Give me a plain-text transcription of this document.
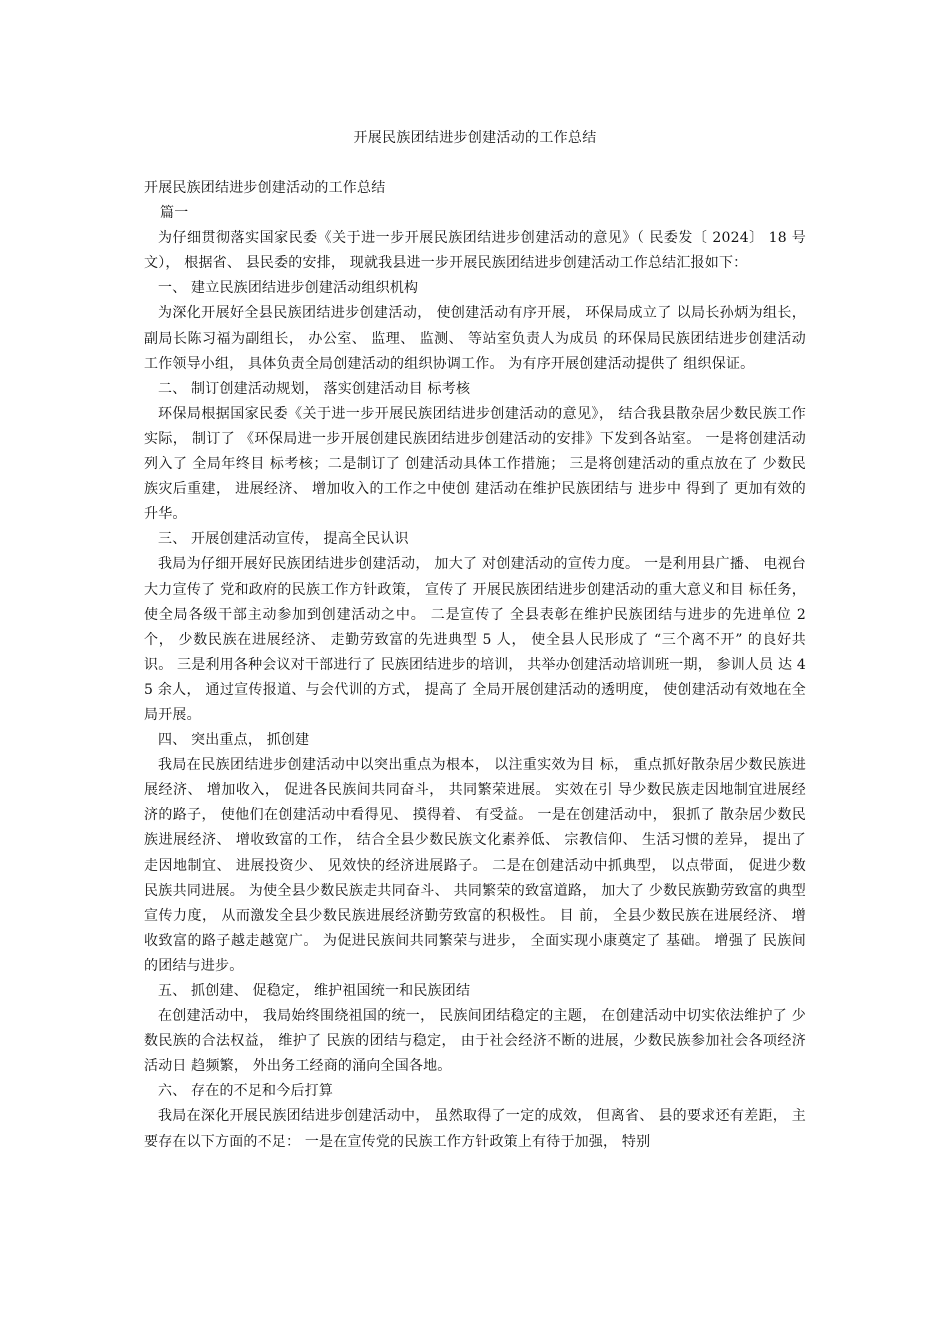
开展民族团结进步创建活动的工作总结

开展民族团结进步创建活动的工作总结

篇一

为仔细贯彻落实国家民委《关于进一步开展民族团结进步创建活动的意见》（ 民委发〔 2024〕 18 号文）， 根据省、 县民委的安排， 现就我县进一步开展民族团结进步创建活动工作总结汇报如下：

一、 建立民族团结进步创建活动组织机构

为深化开展好全县民族团结进步创建活动， 使创建活动有序开展， 环保局成立了 以局长孙炳为组长， 副局长陈习福为副组长， 办公室、 监理、 监测、 等站室负责人为成员 的环保局民族团结进步创建活动工作领导小组， 具体负责全局创建活动的组织协调工作。 为有序开展创建活动提供了 组织保证。

二、 制订创建活动规划， 落实创建活动目 标考核

环保局根据国家民委《关于进一步开展民族团结进步创建活动的意见》， 结合我县散杂居少数民族工作实际， 制订了 《环保局进一步开展创建民族团结进步创建活动的安排》下发到各站室。 一是将创建活动列入了 全局年终目 标考核；二是制订了 创建活动具体工作措施； 三是将创建活动的重点放在了 少数民族灾后重建， 进展经济、 增加收入的工作之中使创 建活动在维护民族团结与 进步中 得到了 更加有效的升华。

三、 开展创建活动宣传， 提高全民认识

我局为仔细开展好民族团结进步创建活动， 加大了 对创建活动的宣传力度。 一是利用县广播、 电视台大力宣传了 党和政府的民族工作方针政策， 宣传了 开展民族团结进步创建活动的重大意义和目 标任务， 使全局各级干部主动参加到创建活动之中。 二是宣传了 全县表彰在维护民族团结与进步的先进单位 2 个， 少数民族在进展经济、 走勤劳致富的先进典型 5 人， 使全县人民形成了 “三个离不开” 的良好共识。 三是利用各种会议对干部进行了 民族团结进步的培训， 共举办创建活动培训班一期， 参训人员 达 45 余人， 通过宣传报道、与会代训的方式， 提高了 全局开展创建活动的透明度， 使创建活动有效地在全局开展。

四、 突出重点， 抓创建

我局在民族团结进步创建活动中以突出重点为根本， 以注重实效为目 标， 重点抓好散杂居少数民族进展经济、 增加收入， 促进各民族间共同奋斗， 共同繁荣进展。 实效在引 导少数民族走因地制宜进展经济的路子， 使他们在创建活动中看得见、 摸得着、 有受益。 一是在创建活动中， 狠抓了 散杂居少数民族进展经济、 增收致富的工作， 结合全县少数民族文化素养低、 宗教信仰、 生活习惯的差异， 提出了 走因地制宜、 进展投资少、 见效快的经济进展路子。 二是在创建活动中抓典型， 以点带面， 促进少数民族共同进展。 为使全县少数民族走共同奋斗、 共同繁荣的致富道路， 加大了 少数民族勤劳致富的典型宣传力度， 从而激发全县少数民族进展经济勤劳致富的积极性。 目 前， 全县少数民族在进展经济、 增收致富的路子越走越宽广。 为促进民族间共同繁荣与进步， 全面实现小康奠定了 基础。 增强了 民族间的团结与进步。

五、 抓创建、 促稳定， 维护祖国统一和民族团结

在创建活动中， 我局始终围绕祖国的统一， 民族间团结稳定的主题， 在创建活动中切实依法维护了 少数民族的合法权益， 维护了 民族的团结与稳定， 由于社会经济不断的进展，少数民族参加社会各项经济活动日 趋频繁， 外出务工经商的涌向全国各地。

六、 存在的不足和今后打算

我局在深化开展民族团结进步创建活动中， 虽然取得了一定的成效， 但离省、 县的要求还有差距， 主要存在以下方面的不足： 一是在宣传党的民族工作方针政策上有待于加强， 特别
